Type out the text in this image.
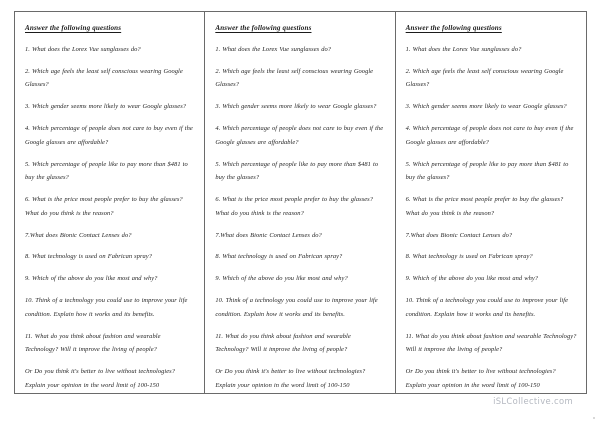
Answer the following questions
1. What does the Lorex Vue sunglasses do?
2. Which age feels the least self conscious wearing Google Glasses?
3. Which gender seems more likely to wear Google glasses?
4. Which percentage of people does not care to buy even if the Google glasses are affordable?
5. Which percentage of people like to pay more than $481 to buy the glasses?
6. What is the price most people prefer to buy the glasses? What do you think is the reason?
7.What does Bionic Contact Lenses do?
8. What technology is used on Fabrican spray?
9. Which of the above do you like most and why?
10. Think of a technology you could use to improve your life condition. Explain how it works and its benefits.
11. What do you think about fashion and wearable Technology? Will it improve the living of people?
Or Do you think it's better to live without technologies? Explain your opinion in the word limit of 100-150
Answer the following questions
1. What does the Lorex Vue sunglasses do?
2. Which age feels the least self conscious wearing Google Glasses?
3. Which gender seems more likely to wear Google glasses?
4. Which percentage of people does not care to buy even if the Google glasses are affordable?
5. Which percentage of people like to pay more than $481 to buy the glasses?
6. What is the price most people prefer to buy the glasses? What do you think is the reason?
7.What does Bionic Contact Lenses do?
8. What technology is used on Fabrican spray?
9. Which of the above do you like most and why?
10. Think of a technology you could use to improve your life condition. Explain how it works and its benefits.
11. What do you think about fashion and wearable Technology? Will it improve the living of people?
Or Do you think it's better to live without technologies? Explain your opinion in the word limit of 100-150
Answer the following questions
1. What does the Lorex Vue sunglasses do?
2. Which age feels the least self conscious wearing Google Glasses?
3. Which gender seems more likely to wear Google glasses?
4. Which percentage of people does not care to buy even if the Google glasses are affordable?
5. Which percentage of people like to pay more than $481 to buy the glasses?
6. What is the price most people prefer to buy the glasses? What do you think is the reason?
7.What does Bionic Contact Lenses do?
8. What technology is used on Fabrican spray?
9. Which of the above do you like most and why?
10. Think of a technology you could use to improve your life condition. Explain how it works and its benefits.
11. What do you think about fashion and wearable Technology? Will it improve the living of people?
Or Do you think it's better to live without technologies? Explain your opinion in the word limit of 100-150
iSLCollective.com
